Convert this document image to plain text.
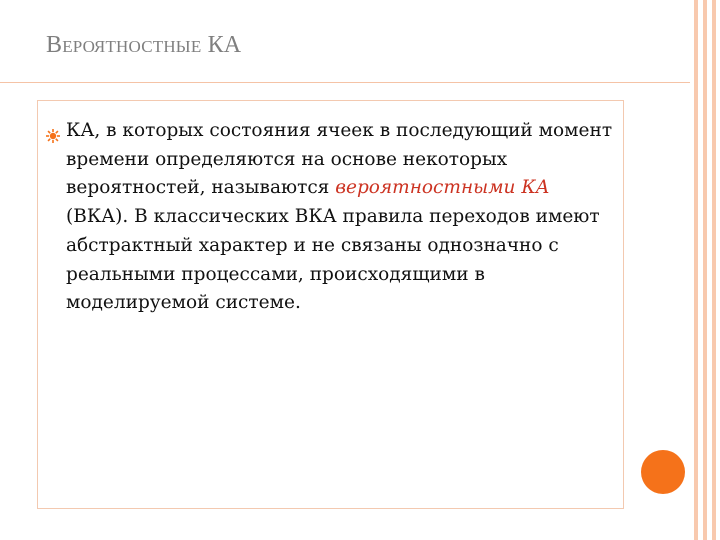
Вероятностные КА

КА, в которых состояния ячеек в последующий момент времени определяются на основе некоторых вероятностей, называются вероятностными КА (ВКА). В классических ВКА правила переходов имеют абстрактный характер и не связаны однозначно с реальными процессами, происходящими в моделируемой системе.
